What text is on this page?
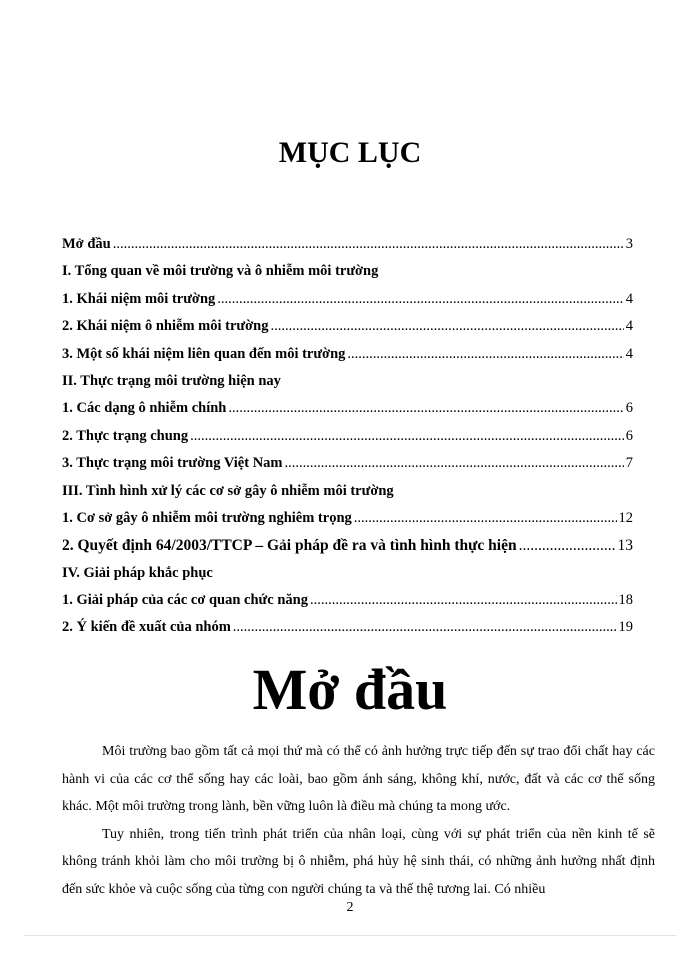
MỤC LỤC
Mở đầu .....	3
I. Tổng quan về môi trường và ô nhiễm môi trường
1. Khái niệm môi trường .....	4
2. Khái niệm ô nhiễm môi trường .....	4
3. Một số khái niệm liên quan đến môi trường .....	4
II. Thực trạng môi trường hiện nay
1. Các dạng ô nhiễm chính .....	6
2. Thực trạng chung .....	6
3. Thực trạng môi trường Việt Nam .....	7
III. Tình hình xử lý các cơ sở gây ô nhiễm môi trường
1. Cơ sở gây ô nhiễm môi trường nghiêm trọng .....	12
2. Quyết định 64/2003/TTCP – Gải pháp đề ra và tình hình thực hiện .....	13
IV. Giải pháp khắc phục
1. Giải pháp của các cơ quan chức năng .....	18
2. Ý kiến đề xuất của nhóm .....	19
Mở đầu

Môi trường bao gồm tất cả mọi thứ mà có thể có ảnh hưởng trực tiếp đến sự trao đổi chất hay các hành vi của các cơ thể sống hay các loài, bao gồm ánh sáng, không khí, nước, đất và các cơ thể sống khác. Một môi trường trong lành, bền vững luôn là điều mà chúng ta mong ước.

Tuy nhiên, trong tiến trình phát triển của nhân loại, cùng với sự phát triển của nền kinh tế sẽ không tránh khỏi làm cho môi trường bị ô nhiễm, phá hủy hệ sinh thái, có những ảnh hưởng nhất định đến sức khỏe và cuộc sống của từng con người chúng ta và thế thệ tương lai. Có nhiều

2
